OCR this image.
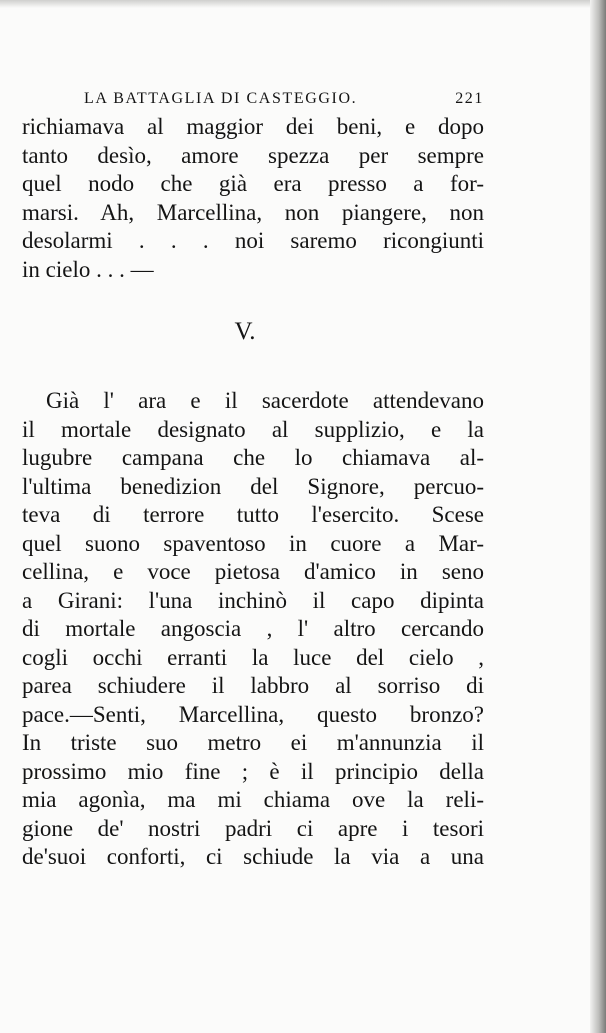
LA BATTAGLIA DI CASTEGGIO.	221
richiamava al maggior dei beni, e dopo
tanto desìo, amore spezza per sempre
quel nodo che già era presso a for-
marsi. Ah, Marcellina, non piangere, non
desolarmi . . . noi saremo ricongiunti
in cielo . . . —
V.
Già l' ara e il sacerdote attendevano
il mortale designato al supplizio, e la
lugubre campana che lo chiamava al-
l'ultima benedizion del Signore, percuo-
teva di terrore tutto l'esercito. Scese
quel suono spaventoso in cuore a Mar-
cellina, e voce pietosa d'amico in seno
a Girani: l'una inchinò il capo dipinta
di mortale angoscia , l' altro cercando
cogli occhi erranti la luce del cielo ,
parea schiudere il labbro al sorriso di
pace.—Senti, Marcellina, questo bronzo?
In triste suo metro ei m'annunzia il
prossimo mio fine ; è il principio della
mia agonìa, ma mi chiama ove la reli-
gione de' nostri padri ci apre i tesori
de'suoi conforti, ci schiude la via a una
